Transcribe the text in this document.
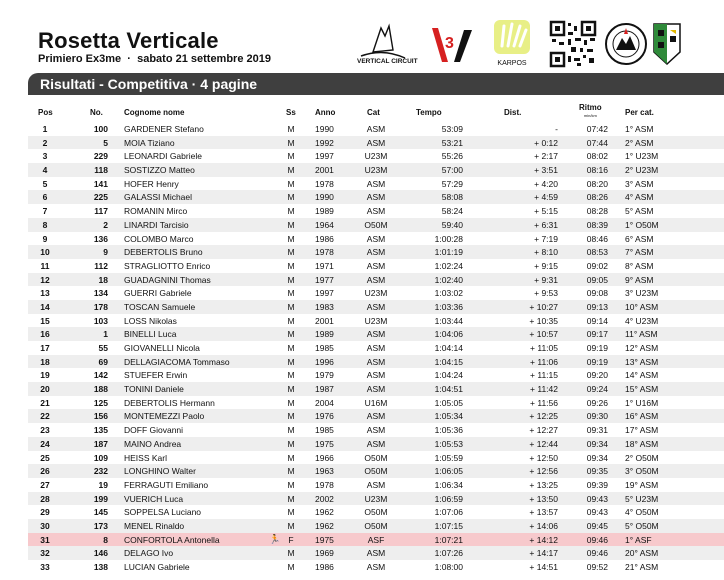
Rosetta Verticale
Primiero Ex3me · sabato 21 settembre 2019	VERTICAL CIRCUIT
3
KARPOS
Risultati - Competitiva · 4 pagine
Pos	No.	Cognome nome	Ss Anno	Cat	Tempo	Dist.
Ritmo
min/km	Per cat.
1	100 GARDENER Stefano	M 1990	ASM	53:09	-	07:42 1° ASM
2	5 MOIA Tiziano	M 1992	ASM	53:21	+ 0:12	07:44 2° ASM
3	229 LEONARDI Gabriele	M 1997	U23M	55:26	+ 2:17	08:02 1° U23M
4	118 SOSTIZZO Matteo	M 2001	U23M	57:00	+ 3:51	08:16 2° U23M
5	141 HOFER Henry	M 1978	ASM	57:29	+ 4:20	08:20 3° ASM
6	225 GALASSI Michael	M 1990	ASM	58:08	+ 4:59	08:26 4° ASM
7	117 ROMANIN Mirco	M 1989	ASM	58:24	+ 5:15	08:28 5° ASM
8	2 LINARDI Tarcisio	M 1964	O50M	59:40	+ 6:31	08:39 1° O50M
9	136 COLOMBO Marco	M 1986	ASM	1:00:28	+ 7:19	08:46 6° ASM
10	9 DEBERTOLIS Bruno	M 1978	ASM	1:01:19	+ 8:10	08:53 7° ASM
11	112 STRAGLIOTTO Enrico	M 1971	ASM	1:02:24	+ 9:15	09:02 8° ASM
12	18 GUADAGNINI Thomas	M 1977	ASM	1:02:40	+ 9:31	09:05 9° ASM
13	134 GUERRI Gabriele	M 1997	U23M	1:03:02	+ 9:53	09:08 3° U23M
14	178 TOSCAN Samuele	M 1983	ASM	1:03:36	+ 10:27	09:13 10° ASM
15	103 LOSS Nikolas	M 2001	U23M	1:03:44	+ 10:35	09:14 4° U23M
16	1 BINELLI Luca	M 1989	ASM	1:04:06	+ 10:57	09:17 11° ASM
17	55 GIOVANELLI Nicola	M 1985	ASM	1:04:14	+ 11:05	09:19 12° ASM
18	69 DELLAGIACOMA Tommaso	M 1996	ASM	1:04:15	+ 11:06	09:19 13° ASM
19	142 STUEFER Erwin	M 1979	ASM	1:04:24	+ 11:15	09:20 14° ASM
20	188 TONINI Daniele	M 1987	ASM	1:04:51	+ 11:42	09:24 15° ASM
21	125 DEBERTOLIS Hermann	M 2004	U16M	1:05:05	+ 11:56	09:26 1° U16M
22	156 MONTEMEZZI Paolo	M 1976	ASM	1:05:34	+ 12:25	09:30 16° ASM
23	135 DOFF Giovanni	M 1985	ASM	1:05:36	+ 12:27	09:31 17° ASM
24	187 MAINO Andrea	M 1975	ASM	1:05:53	+ 12:44	09:34 18° ASM
25	109 HEISS Karl	M 1966	O50M	1:05:59	+ 12:50	09:34 2° O50M
26	232 LONGHINO Walter	M 1963	O50M	1:06:05	+ 12:56	09:35 3° O50M
27	19 FERRAGUTI Emiliano	M 1978	ASM	1:06:34	+ 13:25	09:39 19° ASM
28	199 VUERICH Luca	M 2002	U23M	1:06:59	+ 13:50	09:43 5° U23M
29	145 SOPPELSA Luciano	M 1962	O50M	1:07:06	+ 13:57	09:43 4° O50M
30	173 MENEL Rinaldo	M 1962	O50M	1:07:15	+ 14:06	09:45 5° O50M
31	8 CONFORTOLA Antonella	F	1975	ASF	1:07:21	+ 14:12	09:46 1° ASF
🏃
32	146 DELAGO Ivo	M 1969	ASM	1:07:26	+ 14:17	09:46 20° ASM
33	138 LUCIAN Gabriele	M 1986	ASM	1:08:00	+ 14:51	09:52 21° ASM
